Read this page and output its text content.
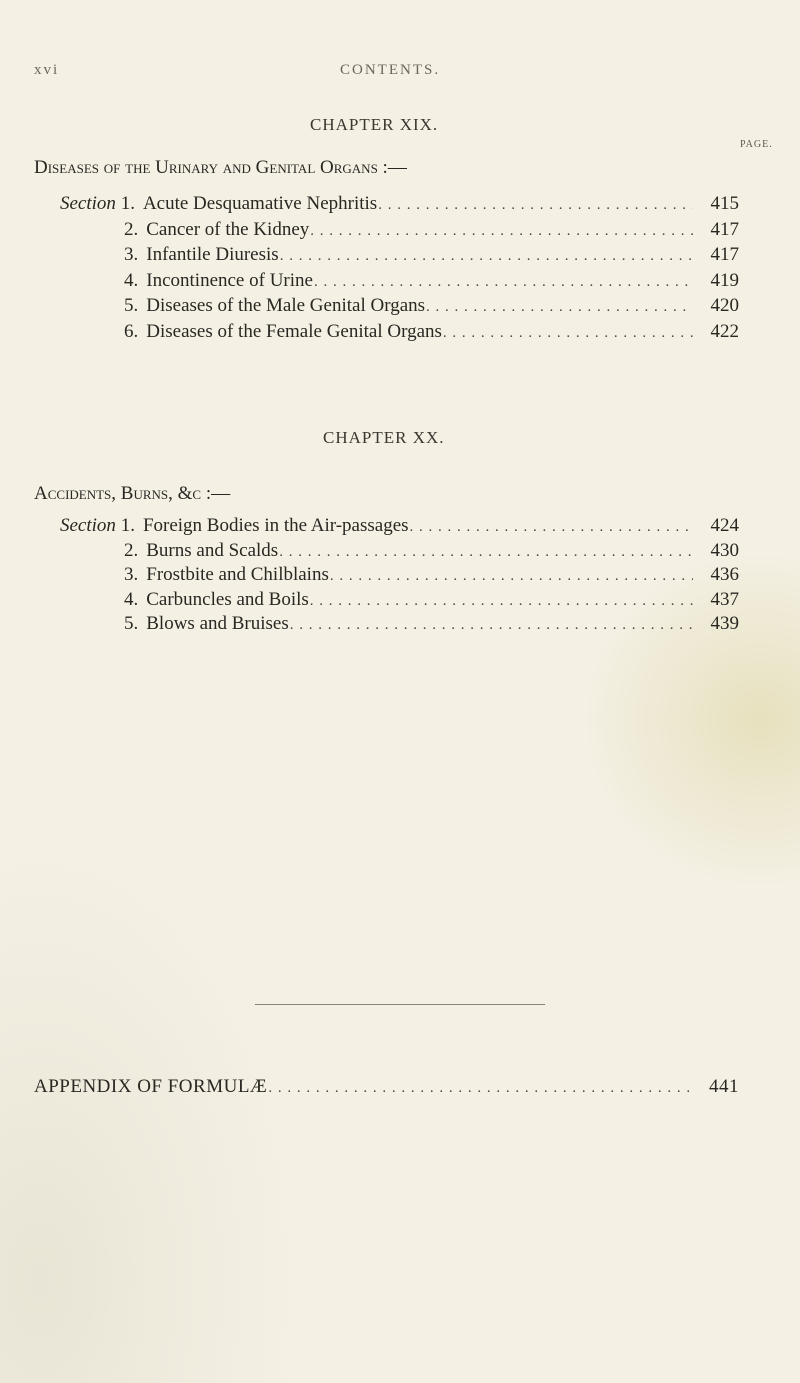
xvi	CONTENTS.
CHAPTER XIX.
PAGE.
Diseases of the Urinary and Genital Organs :—
Section 1. Acute Desquamative Nephritis . . .	415
2. Cancer of the Kidney . . .	417
3. Infantile Diuresis . . .	417
4. Incontinence of Urine . . .	419
5. Diseases of the Male Genital Organs . . .	420
6. Diseases of the Female Genital Organs . . .	422
CHAPTER XX.
Accidents, Burns, &c :—
Section 1. Foreign Bodies in the Air-passages . . .	424
2. Burns and Scalds . . .	430
3. Frostbite and Chilblains . . .	436
4. Carbuncles and Boils . . .	437
5. Blows and Bruises . . .	439
APPENDIX OF FORMULÆ . . .	441
